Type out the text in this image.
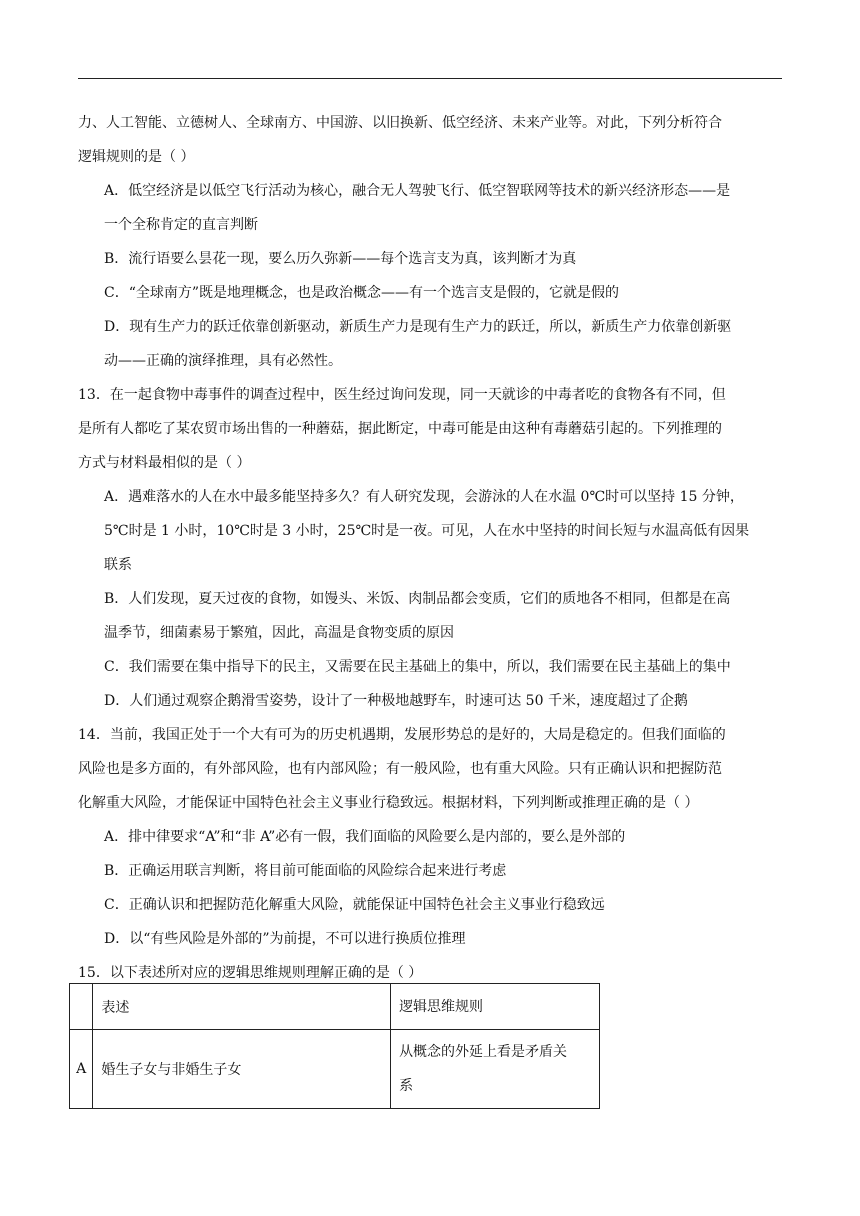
力、人工智能、立德树人、全球南方、中国游、以旧换新、低空经济、未来产业等。对此，下列分析符合

逻辑规则的是（ ）

A．低空经济是以低空飞行活动为核心，融合无人驾驶飞行、低空智联网等技术的新兴经济形态——是

一个全称肯定的直言判断

B．流行语要么昙花一现，要么历久弥新——每个选言支为真，该判断才为真

C．“全球南方”既是地理概念，也是政治概念——有一个选言支是假的，它就是假的

D．现有生产力的跃迁依靠创新驱动，新质生产力是现有生产力的跃迁，所以，新质生产力依靠创新驱

动——正确的演绎推理，具有必然性。

13．在一起食物中毒事件的调查过程中，医生经过询问发现，同一天就诊的中毒者吃的食物各有不同，但

是所有人都吃了某农贸市场出售的一种蘑菇，据此断定，中毒可能是由这种有毒蘑菇引起的。下列推理的

方式与材料最相似的是（ ）

A．遇难落水的人在水中最多能坚持多久？有人研究发现，会游泳的人在水温 0℃时可以坚持 15 分钟，

5℃时是 1 小时，10℃时是 3 小时，25℃时是一夜。可见，人在水中坚持的时间长短与水温高低有因果

联系

B．人们发现，夏天过夜的食物，如馒头、米饭、肉制品都会变质，它们的质地各不相同，但都是在高

温季节，细菌素易于繁殖，因此，高温是食物变质的原因

C．我们需要在集中指导下的民主，又需要在民主基础上的集中，所以，我们需要在民主基础上的集中

D．人们通过观察企鹅滑雪姿势，设计了一种极地越野车，时速可达 50 千米，速度超过了企鹅

14．当前，我国正处于一个大有可为的历史机遇期，发展形势总的是好的，大局是稳定的。但我们面临的

风险也是多方面的，有外部风险，也有内部风险；有一般风险，也有重大风险。只有正确认识和把握防范

化解重大风险，才能保证中国特色社会主义事业行稳致远。根据材料，下列判断或推理正确的是（ ）

A．排中律要求“A”和“非 A”必有一假，我们面临的风险要么是内部的，要么是外部的

B．正确运用联言判断，将目前可能面临的风险综合起来进行考虑

C．正确认识和把握防范化解重大风险，就能保证中国特色社会主义事业行稳致远

D．以“有些风险是外部的”为前提，不可以进行换质位推理

15．以下表述所对应的逻辑思维规则理解正确的是（ ）

	表述	逻辑思维规则
A	婚生子女与非婚生子女	从概念的外延上看是矛盾关
系
